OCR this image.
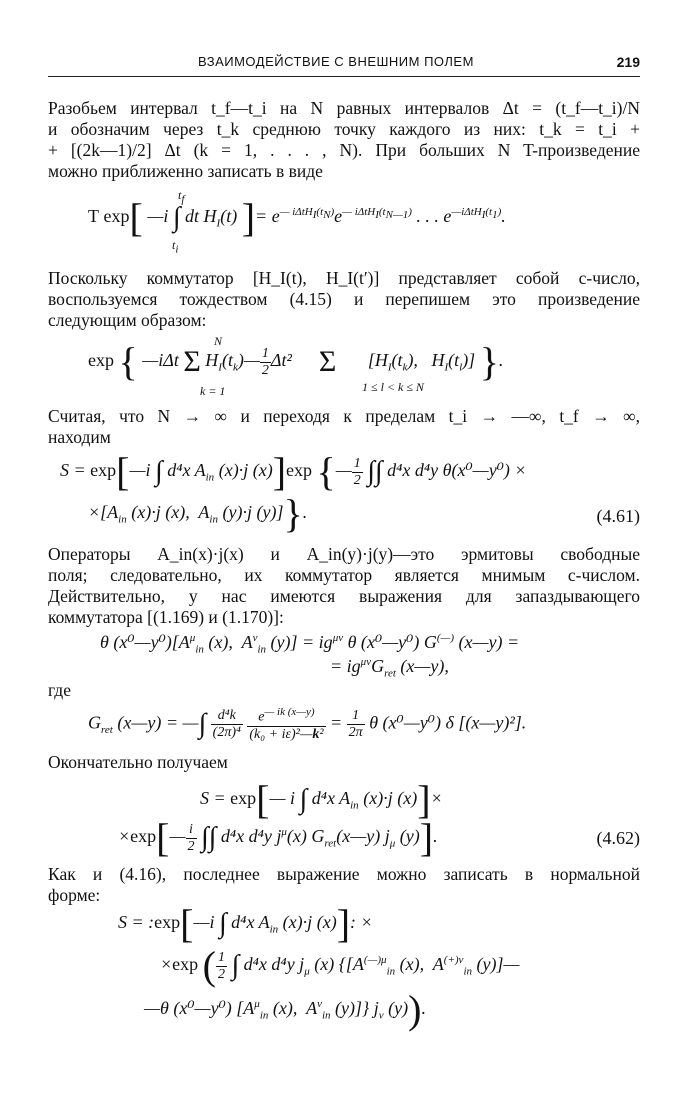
ВЗАИМОДЕЙСТВИЕ С ВНЕШНИМ ПОЛЕМ	219
Разобьем интервал t_f—t_i на N равных интервалов Δt = (t_f—t_i)/N
и обозначим через t_k среднюю точку каждого из них: t_k = t_i +
+ [(2k—1)/2] Δt (k = 1, . . . , N). При больших N T-произведение
можно приближенно записать в виде
T exp[ —i ∫ dt $H_I(t)$ ]= $e^{— i\Delta tH_I(t_N)}e^{— i\Delta tH_I(t_{N—1})}$ . . . $e^{—i\Delta tH_I(t_1)}$.
$t_f$
$t_i$
Поскольку коммутатор [H_I(t), H_I(t′)] представляет собой c-число,
воспользуемся тождеством (4.15) и перепишем это произведение
следующим образом:
exp { —iΔt Σ $H_I(t_k)— \frac{1}{2} \Delta t^2$      Σ       [$H_I(t_k)$,   $H_I(t_l)$] }.
N
k = 1	1 ≤ l < k ≤ N
Считая, что N → ∞ и переходя к пределам t_i → —∞, t_f → ∞,
находим
S = exp[—i ∫ d⁴x $A_{in}$ (x)·j (x)]exp {— $\frac{1}{2}$ ∫∫ d⁴x d⁴y θ(x⁰—y⁰) ×
$\times[A_{in}$ (x)·j (x),  $A_{in}$ (y)·j (y)]}.	(4.61)
Операторы A_in(x)·j(x) и A_in(y)·j(y)—это эрмитовы свободные
поля; следовательно, их коммутатор является мнимым c-числом.
Действительно, у нас имеются выражения для запаздывающего
коммутатора [(1.169) и (1.170)]:
θ $(x^0—y^0)[A^\mu_{in}$ (x),  $A^\nu_{in}$ $(y)] = ig^{\mu\nu}$ θ (x⁰—y⁰) G(—) (x—y) =
= $ig^{\mu\nu}G_{ret}$ (x—y),
где
$G_{ret}$ (x—y) = —∫ $\frac{\text{d⁴k}}{\text{(2π)⁴}}$
$\frac{e^{— ik (x—y)}}{\text{(k₀ + iε)²—k²}} = \frac{1}{2\pi}$ θ (x⁰—y⁰) δ [(x—y)²].
Окончательно получаем
S = exp[— i ∫ d⁴x $A_{in}$ (x)·j (x)]×
×exp[— $\frac{i}{2}$ ∫∫ d⁴x d⁴y $j^\mu(x)$ $G_{ret}(x—y)$ $j_\mu$ (y)].	(4.62)
Как и (4.16), последнее выражение можно записать в нормальной
форме:
S = :exp[—i ∫ d⁴x $A_{in}$ (x)·j (x)]: ×
×exp ( $\frac{1}{2}$ ∫ d⁴x d⁴y $j_\mu$ (x) {[$A^{(—)\mu}_{in}$ (x),  $A^{(+)\nu}_{in}$ (y)]—
—θ (x⁰—y⁰) [$A^\mu_{in}$ (x),  $A^\nu_{in}$ (y)]} $j_\nu$ (y)).
